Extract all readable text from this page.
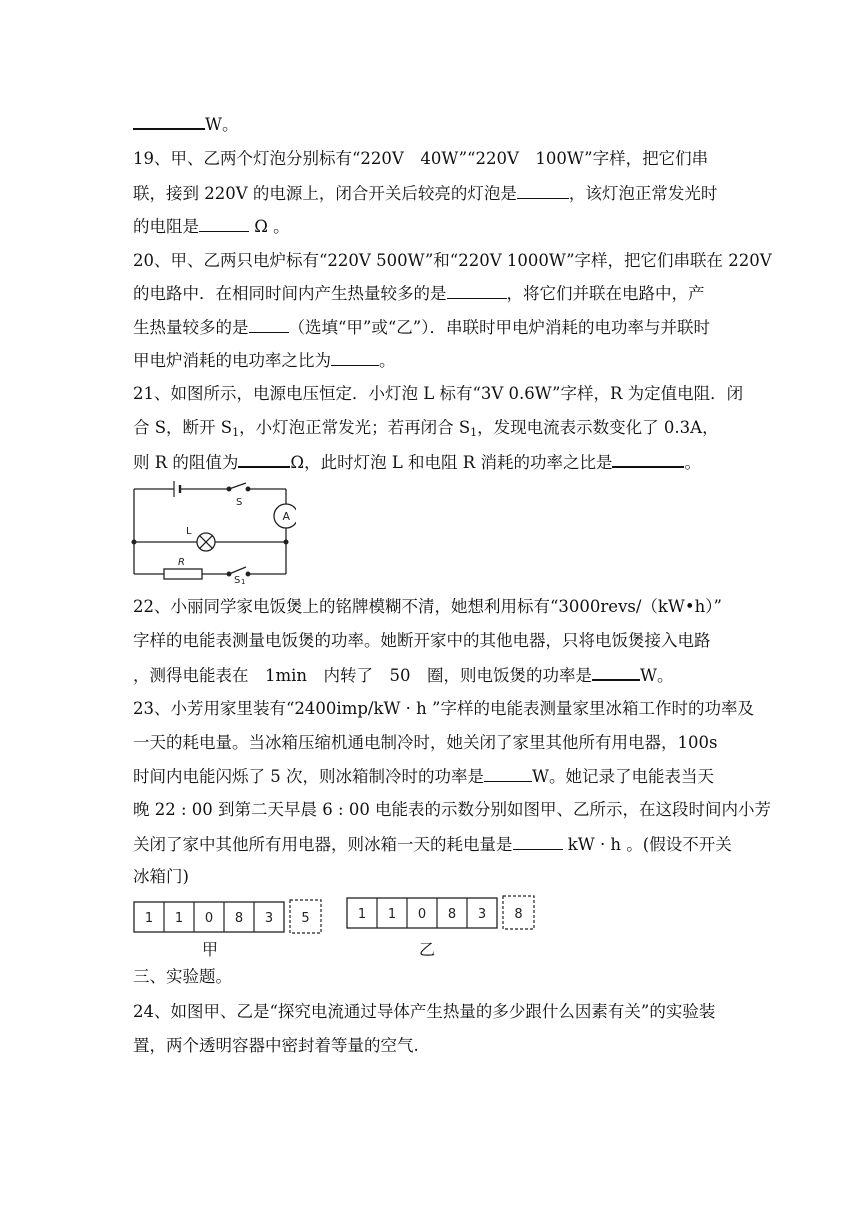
W。
19、甲、乙两个灯泡分别标有“220V　40W”“220V　100W”字样，把它们串
联，接到 220V 的电源上，闭合开关后较亮的灯泡是	，该灯泡正常发光时
的电阻是	Ω 。
20、甲、乙两只电炉标有“220V 500W”和“220V 1000W”字样，把它们串联在 220V
的电路中．在相同时间内产生热量较多的是	，将它们并联在电路中，产
生热量较多的是 （选填“甲”或“乙”）．串联时甲电炉消耗的电功率与并联时
甲电炉消耗的电功率之比为	。
21、如图所示，电源电压恒定．小灯泡 L 标有“3V 0.6W”字样，R 为定值电阻．闭
合 S，断开 $S_1$，小灯泡正常发光；若再闭合 $S_1$，发现电流表示数变化了 0.3A，
则 R 的阻值为	Ω，此时灯泡 L 和电阻 R 消耗的功率之比是	。
S
A
L
R
S 1
22、小丽同学家电饭煲上的铭牌模糊不清，她想利用标有“3000revs/（kW•h）”
字样的电能表测量电饭煲的功率。她断开家中的其他电器，只将电饭煲接入电路
，测得电能表在　1min　内转了　50　圈，则电饭煲的功率是	W。
23、小芳用家里装有“2400imp/kW · h ”字样的电能表测量家里冰箱工作时的功率及
一天的耗电量。当冰箱压缩机通电制冷时，她关闭了家里其他所有用电器，100s
时间内电能闪烁了 5 次，则冰箱制冷时的功率是	W。她记录了电能表当天
晚 22 : 00 到第二天早晨 6 : 00 电能表的示数分别如图甲、乙所示，在这段时间内小芳
关闭了家中其他所有用电器，则冰箱一天的耗电量是	kW · h 。(假设不开关
冰箱门)
1 1 0 8 3 5
甲
1 1 0 8 3 8
乙
三、实验题。
24、如图甲、乙是“探究电流通过导体产生热量的多少跟什么因素有关”的实验装
置，两个透明容器中密封着等量的空气.
